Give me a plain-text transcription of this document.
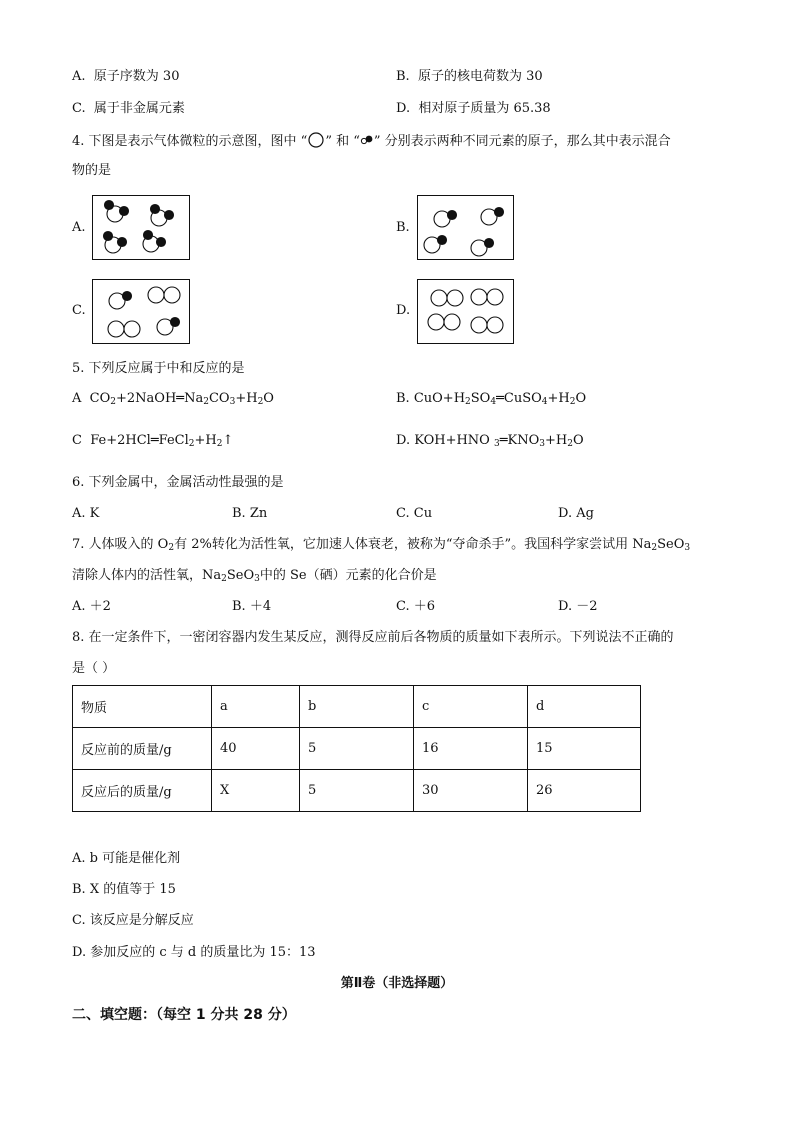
A. 原子序数为 30	B. 原子的核电荷数为 30
C. 属于非金属元素	D. 相对原子质量为 65.38
4. 下图是表示气体微粒的示意图，图中 “ ” 和 “ ” 分别表示两种不同元素的原子，那么其中表示混合
物的是
A.	B.
C.	D.
5. 下列反应属于中和反应的是
A $CO_2+2NaOH═Na_2CO_3+H_2O$	B. $CuO+H_2SO_4═CuSO_4+H_2O$
C $Fe+2HCl═FeCl_2+H_2↑$	D. KOH+HNO $_3═KNO_3+H_2O$
6. 下列金属中，金属活动性最强的是
A. K	B. Zn	C. Cu	D. Ag
7. 人体吸入的 $O_2$有 2%转化为活性氧，它加速人体衰老，被称为“夺命杀手”。我国科学家尝试用 $Na_2SeO_3$
清除人体内的活性氧，$Na_2SeO_3$中的 Se（硒）元素的化合价是
A. ＋2	B. ＋4	C. ＋6	D. －2
8. 在一定条件下，一密闭容器内发生某反应，测得反应前后各物质的质量如下表所示。下列说法不正确的
是（ ）
物质	a	b	c	d
反应前的质量/g	40	5	16	15
反应后的质量/g	X	5	30	26
A. b 可能是催化剂
B. X 的值等于 15
C. 该反应是分解反应
D. 参加反应的 c 与 d 的质量比为 15：13
第Ⅱ卷（非选择题）
二、填空题：（每空 1 分共 28 分）
